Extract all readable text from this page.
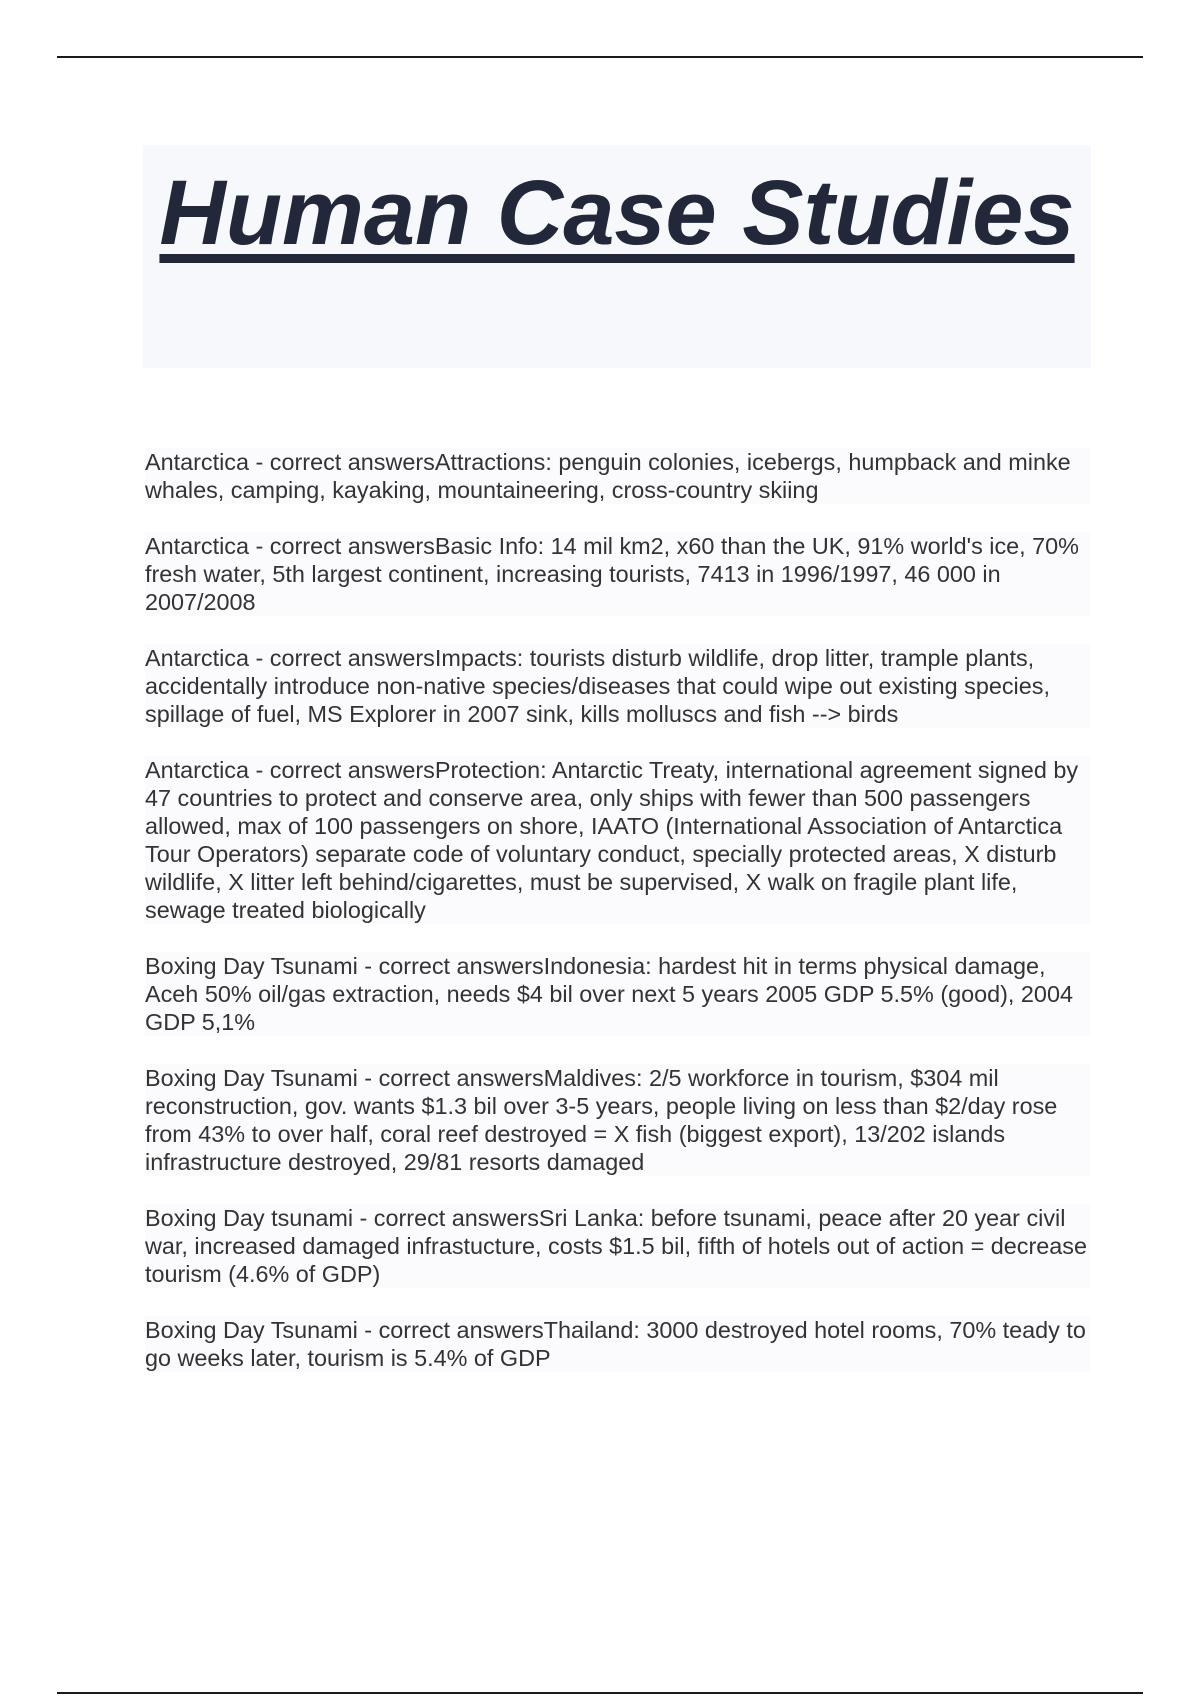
Human Case Studies

Antarctica - correct answersAttractions: penguin colonies, icebergs, humpback and minke whales, camping, kayaking, mountaineering, cross-country skiing

Antarctica - correct answersBasic Info: 14 mil km2, x60 than the UK, 91% world's ice, 70% fresh water, 5th largest continent, increasing tourists, 7413 in 1996/1997, 46 000 in 2007/2008

Antarctica - correct answersImpacts: tourists disturb wildlife, drop litter, trample plants, accidentally introduce non-native species/diseases that could wipe out existing species, spillage of fuel, MS Explorer in 2007 sink, kills molluscs and fish --> birds

Antarctica - correct answersProtection: Antarctic Treaty, international agreement signed by 47 countries to protect and conserve area, only ships with fewer than 500 passengers allowed, max of 100 passengers on shore, IAATO (International Association of Antarctica Tour Operators) separate code of voluntary conduct, specially protected areas, X disturb wildlife, X litter left behind/cigarettes, must be supervised, X walk on fragile plant life, sewage treated biologically

Boxing Day Tsunami - correct answersIndonesia: hardest hit in terms physical damage, Aceh 50% oil/gas extraction, needs $4 bil over next 5 years 2005 GDP 5.5% (good), 2004 GDP 5,1%

Boxing Day Tsunami - correct answersMaldives: 2/5 workforce in tourism, $304 mil reconstruction, gov. wants $1.3 bil over 3-5 years, people living on less than $2/day rose from 43% to over half, coral reef destroyed = X fish (biggest export), 13/202 islands infrastructure destroyed, 29/81 resorts damaged

Boxing Day tsunami - correct answersSri Lanka: before tsunami, peace after 20 year civil war, increased damaged infrastucture, costs $1.5 bil, fifth of hotels out of action = decrease tourism (4.6% of GDP)

Boxing Day Tsunami - correct answersThailand: 3000 destroyed hotel rooms, 70% teady to go weeks later, tourism is 5.4% of GDP
